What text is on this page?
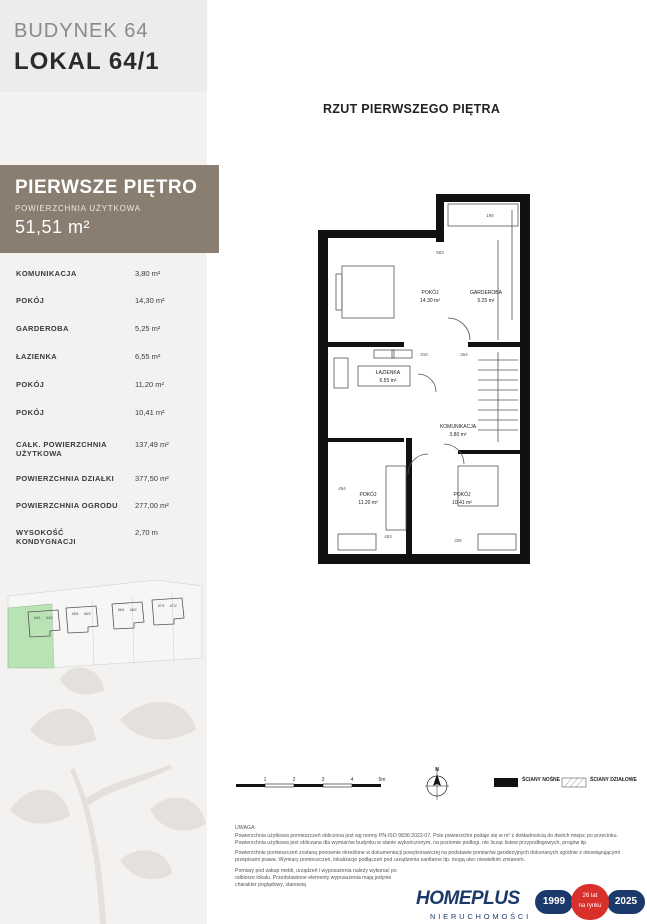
BUDYNEK 64
LOKAL 64/1
KOMUNIKACJA	3,80 m²
POKÓJ	14,30 m²
GARDEROBA	5,25 m²
ŁAZIENKA	6,55 m²
POKÓJ	11,20 m²
POKÓJ	10,41 m²
CAŁK. POWIERZCHNIA UŻYTKOWA
137,49 m²
POWIERZCHNIA DZIAŁKI	377,50 m²
POWIERZCHNIA OGRODU	277,00 m²
WYSOKOŚĆ KONDYGNACJI
2,70 m
64/1 64/2
65/1 65/2
66/1 66/2
67/1 67/2
PIERWSZE PIĘTRO
POWIERZCHNIA UŻYTKOWA
51,51 m²
RZUT PIERWSZEGO PIĘTRA
POKÓJ
14.30 m²
GARDEROBA
5.25 m²
ŁAZIENKA
6.55 m²
KOMUNIKACJA
3.80 m²
POKÓJ
11.20 m²
POKÓJ
10.41 m²
195
583
310	364
453
325
494
1	2	3	4	5m
N
ŚCIANY NOŚNE	ŚCIANY DZIAŁOWE

UWAGA:

Powierzchnia użytkowa pomieszczeń obliczona jest wg normy PN-ISO 9836:2022-07. Pole powierzchni podaje się w m² z dokładnością do dwóch miejsc po przecinku. Powierzchnia użytkowa jest obliczana dla wymiarów budynku w stanie wykończonym, na poziomie podłogi, nie licząc listew przypodłogowych, progów itp.

Powierzchnie pomieszczeń zostaną ponownie określone w dokumentacji powykonawczej na podstawie pomiarów geodezyjnych dokonanych zgodnie z obowiązującymi przepisami prawa. Wymiary pomieszczeń, lokalizacje podłączeń pod urządzenia sanitarne itp. mogą ulec niewielkim zmianom.

Pomiary pod zakup mebli, urządzeń i wyposażenia należy wykonać po odbiorze lokalu. Przedstawione elementy wyposażenia mają jedynie charakter poglądowy, stanowią

HOMEPLUS
NIERUCHOMOŚCI
1999	2025
26 lat
na rynku
